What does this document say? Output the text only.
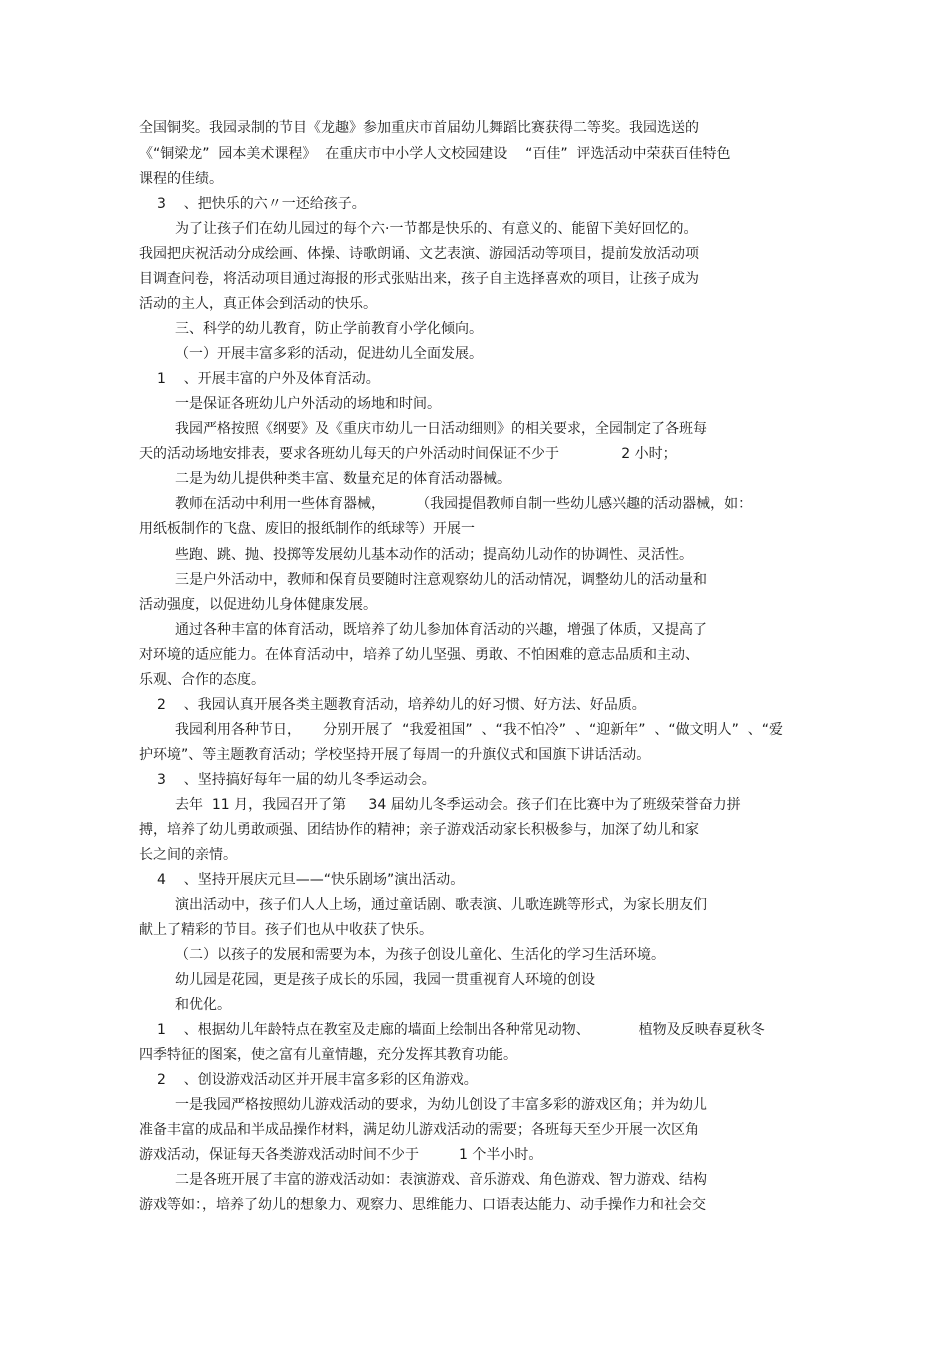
全国铜奖。我园录制的节目《龙趣》参加重庆市首届幼儿舞蹈比赛获得二等奖。我园选送的
《“铜梁龙”  园本美术课程》  在重庆市中小学人文校园建设    “百佳”  评选活动中荣获百佳特色
课程的佳绩。
3    、把快乐的六〃一还给孩子。
为了让孩子们在幼儿园过的每个六·一节都是快乐的、有意义的、能留下美好回忆的。
我园把庆祝活动分成绘画、体操、诗歌朗诵、文艺表演、游园活动等项目，提前发放活动项
目调查问卷，将活动项目通过海报的形式张贴出来，孩子自主选择喜欢的项目，让孩子成为
活动的主人，真正体会到活动的快乐。
三、科学的幼儿教育，防止学前教育小学化倾向。
（一）开展丰富多彩的活动，促进幼儿全面发展。
1    、开展丰富的户外及体育活动。
一是保证各班幼儿户外活动的场地和时间。
我园严格按照《纲要》及《重庆市幼儿一日活动细则》的相关要求，全园制定了各班每
天的活动场地安排表，要求各班幼儿每天的户外活动时间保证不少于              2 小时；
二是为幼儿提供种类丰富、数量充足的体育活动器械。
教师在活动中利用一些体育器械，       （我园提倡教师自制一些幼儿感兴趣的活动器械，如：
用纸板制作的飞盘、废旧的报纸制作的纸球等）开展一
些跑、跳、抛、投掷等发展幼儿基本动作的活动；提高幼儿动作的协调性、灵活性。
三是户外活动中，教师和保育员要随时注意观察幼儿的活动情况，调整幼儿的活动量和
活动强度，以促进幼儿身体健康发展。
通过各种丰富的体育活动，既培养了幼儿参加体育活动的兴趣，增强了体质，又提高了
对环境的适应能力。在体育活动中，培养了幼儿坚强、勇敢、不怕困难的意志品质和主动、
乐观、合作的态度。
2    、我园认真开展各类主题教育活动，培养幼儿的好习惯、好方法、好品质。
我园利用各种节日，     分别开展了  “我爱祖国”  、“我不怕冷”  、“迎新年”  、“做文明人”  、“爱
护环境”、等主题教育活动；学校坚持开展了每周一的升旗仪式和国旗下讲话活动。
3    、坚持搞好每年一届的幼儿冬季运动会。
去年  11 月，我园召开了第     34 届幼儿冬季运动会。孩子们在比赛中为了班级荣誉奋力拼
搏，培养了幼儿勇敢顽强、团结协作的精神；亲子游戏活动家长积极参与，加深了幼儿和家
长之间的亲情。
4    、坚持开展庆元旦——“快乐剧场”演出活动。
演出活动中，孩子们人人上场，通过童话剧、歌表演、儿歌连跳等形式，为家长朋友们
献上了精彩的节目。孩子们也从中收获了快乐。
（二）以孩子的发展和需要为本，为孩子创设儿童化、生活化的学习生活环境。
幼儿园是花园，更是孩子成长的乐园，我园一贯重视育人环境的创设
和优化。
1    、根据幼儿年龄特点在教室及走廊的墙面上绘制出各种常见动物、           植物及反映春夏秋冬
四季特征的图案，使之富有儿童情趣，充分发挥其教育功能。
2    、创设游戏活动区并开展丰富多彩的区角游戏。
一是我园严格按照幼儿游戏活动的要求，为幼儿创设了丰富多彩的游戏区角；并为幼儿
准备丰富的成品和半成品操作材料，满足幼儿游戏活动的需要；各班每天至少开展一次区角
游戏活动，保证每天各类游戏活动时间不少于         1 个半小时。
二是各班开展了丰富的游戏活动如：表演游戏、音乐游戏、角色游戏、智力游戏、结构
游戏等如：，培养了幼儿的想象力、观察力、思维能力、口语表达能力、动手操作力和社会交
